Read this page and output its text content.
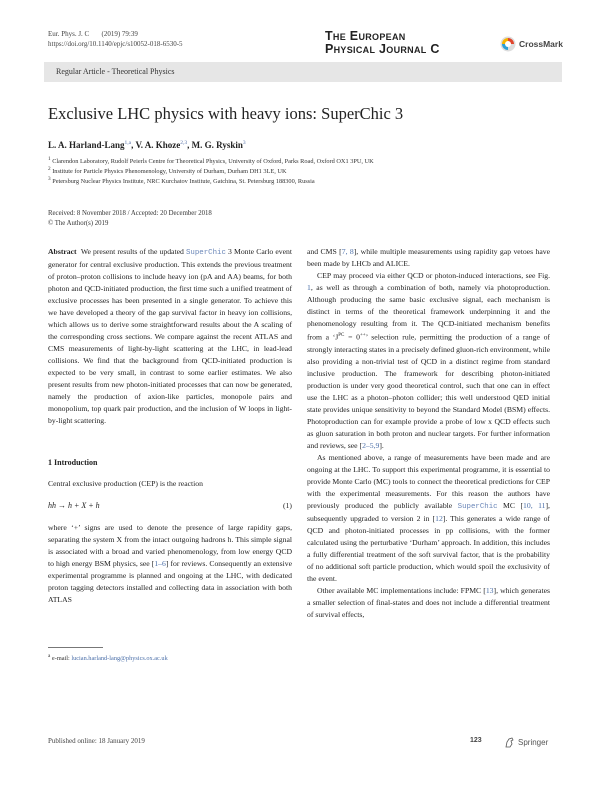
Eur. Phys. J. C (2019) 79:39
https://doi.org/10.1140/epjc/s10052-018-6530-5
The European
Physical Journal C	CrossMark
Regular Article - Theoretical Physics
Exclusive LHC physics with heavy ions: SuperChic 3
L. A. Harland-Lang$^{1,a}$, V. A. Khoze$^{2,3}$, M. G. Ryskin$^3$
$^1$ Clarendon Laboratory, Rudolf Peierls Centre for Theoretical Physics, University of Oxford, Parks Road, Oxford OX1 3PU, UK
$^2$ Institute for Particle Physics Phenomenology, University of Durham, Durham DH1 3LE, UK
$^3$ Petersburg Nuclear Physics Institute, NRC Kurchatov Institute, Gatchina, St. Petersburg 188300, Russia
Received: 8 November 2018 / Accepted: 20 December 2018
© The Author(s) 2019

Abstract We present results of the updated SuperChic 3 Monte Carlo event generator for central exclusive production. This extends the previous treatment of proton–proton collisions to include heavy ion (pA and AA) beams, for both photon and QCD-initiated production, the first time such a unified treatment of exclusive processes has been presented in a single generator. To achieve this we have developed a theory of the gap survival factor in heavy ion collisions, which allows us to derive some straightforward results about the A scaling of the corresponding cross sections. We compare against the recent ATLAS and CMS measurements of light-by-light scattering at the LHC, in lead-lead collisions. We find that the background from QCD-initiated production is expected to be very small, in contrast to some earlier estimates. We also present results from new photon-initiated processes that can now be generated, namely the production of axion-like particles, monopole pairs and monopolium, top quark pair production, and the inclusion of W loops in light-by-light scattering.

1 Introduction

Central exclusive production (CEP) is the reaction

hh → h + X + h	(1)

where ‘+’ signs are used to denote the presence of large rapidity gaps, separating the system X from the intact outgoing hadrons h. This simple signal is associated with a broad and varied phenomenology, from low energy QCD to high energy BSM physics, see [1–6] for reviews. Consequently an extensive experimental programme is planned and ongoing at the LHC, with dedicated proton tagging detectors installed and collecting data in association with both ATLAS

and CMS [7, 8], while multiple measurements using rapidity gap vetoes have been made by LHCb and ALICE.

CEP may proceed via either QCD or photon-induced interactions, see Fig. 1, as well as through a combination of both, namely via photoproduction. Although producing the same basic exclusive signal, each mechanism is distinct in terms of the theoretical framework underpinning it and the phenomenology resulting from it. The QCD-initiated mechanism benefits from a ‘$J^{PC} = 0^{++}$’ selection rule, permitting the production of a range of strongly interacting states in a precisely defined gluon-rich environment, while also providing a non-trivial test of QCD in a distinct regime from standard inclusive production. The framework for describing photon-initiated production is under very good theoretical control, such that one can in effect use the LHC as a photon–photon collider; this well understood QED initial state provides unique sensitivity to beyond the Standard Model (BSM) effects. Photoproduction can for example provide a probe of low x QCD effects such as gluon saturation in both proton and nuclear targets. For further information and reviews, see [2–5,9].

As mentioned above, a range of measurements have been made and are ongoing at the LHC. To support this experimental programme, it is essential to provide Monte Carlo (MC) tools to connect the theoretical predictions for CEP with the experimental measurements. For this reason the authors have previously produced the publicly available SuperChic MC [10, 11], subsequently upgraded to version 2 in [12]. This generates a wide range of QCD and photon-initiated processes in pp collisions, with the former calculated using the perturbative ‘Durham’ approach. In addition, this includes a fully differential treatment of the soft survival factor, that is the probability of no additional soft particle production, which would spoil the exclusivity of the event.

Other available MC implementations include: FPMC [13], which generates a smaller selection of final-states and does not include a differential treatment of survival effects,

$^a$ e-mail: lucian.harland-lang@physics.ox.ac.uk
Published online: 18 January 2019	Springer
123
